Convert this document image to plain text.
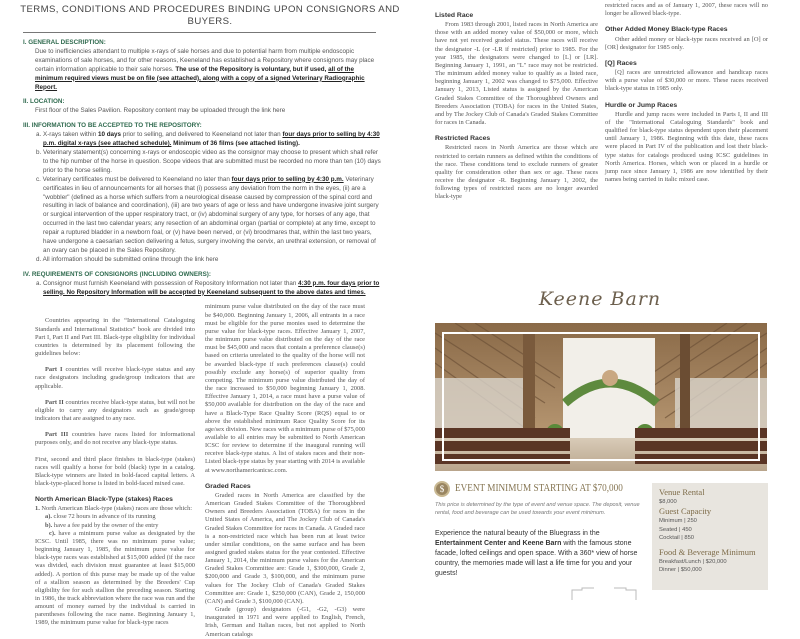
TERMS, CONDITIONS AND PROCEDURES BINDING UPON CONSIGNORS AND BUYERS.
I. GENERAL DESCRIPTION:
Due to inefficiencies attendant to multiple x-rays of sale horses and due to potential harm from multiple endoscopic examinations of sale horses, and for other reasons, Keeneland has established a Repository where consignors may place certain information applicable to their sale horses. The use of the Repository is voluntary, but if used, all of the minimum required views must be on file (see attached), along with a copy of a signed Veterinary Radiographic Report.
II. LOCATION:
First floor of the Sales Pavilion. Repository content may be uploaded through the link here
III. INFORMATION TO BE ACCEPTED TO THE REPOSITORY:
a. X-rays taken within 10 days prior to selling, and delivered to Keeneland not later than four days prior to selling by 4:30 p.m. digital x-rays (see attached schedule). Minimum of 36 films (see attached listing).
b. Veterinary statement(s) concerning x-rays or endoscopic video as the consignor may choose to present which shall refer to the hip number of the horse in question. Scope videos that are submitted must be recorded no more than ten (10) days prior to the horse selling.
c. Veterinary certificates must be delivered to Keeneland no later than four days prior to selling by 4:30 p.m. Veterinary certificates in lieu of announcements for all horses that (i) possess any deviation from the norm in the eyes, (ii) are a "wobbler" (defined as a horse which suffers from a neurological disease caused by compression of the spinal cord and resulting in lack of balance and coordination), (iii) are two years of age or less and have undergone invasive joint surgery or surgical intervention of the upper respiratory tract, or (iv) abdominal surgery of any type, for horses of any age, that occurred in the last two calendar years; any resection of an abdominal organ (partial or complete) at any time, except to repair a ruptured bladder in a newborn foal, or (v) have been nerved, or (vi) broodmares that, within the last two years, have undergone a caesarian section delivering a fetus, surgery involving the cervix, an urethral extension, or removal of an ovary can be placed in the Sales Repository.
d. All information should be submitted online through the link here
IV. REQUIREMENTS OF CONSIGNORS (INCLUDING OWNERS):
a. Consignor must furnish Keeneland with possession of Repository Information not later than 4:30 p.m. four days prior to selling. No Repository Information will be accepted by Keeneland subsequent to the above dates and times.

Countries appearing in the “International Cataloguing Standards and International Statistics” book are divided into Part I, Part II and Part III. Black-type eligibility for individual countries is determined by its placement following the guidelines below:

Part I countries will receive black-type status and any race designators including grade/group indicators that are applicable.

Part II countries receive black-type status, but will not be eligible to carry any designators such as grade/group indicators that are assigned to any race.

Part III countries have races listed for informational purposes only, and do not receive any black-type status.

First, second and third place finishes in black-type (stakes) races will qualify a horse for bold (black) type in a catalog. Black-type winners are listed in bold-faced capital letters. A black-type-placed horse is listed in bold-faced mixed case.

North American Black-Type (stakes) Races

1. North American Black-type (stakes) races are those which:

a). close 72 hours in advance of its running

b). have a fee paid by the owner of the entry

c). have a minimum purse value as designated by the ICSC. Until 1985, there was no minimum purse value; beginning January 1, 1985, the minimum purse value for black-type races was established at $15,000 added (if the race was divided, each division must guarantee at least $15,000 added). A portion of this purse may be made up of the value of a stallion season as determined by the Breeders' Cup eligibility fee for such stallion the preceding season. Starting in 1986, the track abbreviation where the race was run and the amount of money earned by the individual is carried in parentheses following the race name. Beginning January 1, 1989, the minimum purse value for black-type races

minimum purse value distributed on the day of the race must be $40,000. Beginning January 1, 2006, all entrants in a race must be eligible for the purse monies used to determine the purse value for black-type races. Effective January 1, 2007, the minimum purse value distributed on the day of the race must be $45,000 and races that contain a preference clause(s) based on criteria unrelated to the quality of the horse will not be awarded black-type if such preferences clause(s) could possibly exclude any horse(s) of superior quality from competing. The minimum purse value distributed the day of the race increased to $50,000 beginning January 1, 2008. Effective January 1, 2014, a race must have a purse value of $50,000 available for distribution on the day of the race and have a Black-Type Race Quality Score (RQS) equal to or above the established minimum Race Quality Score for its age/sex division. New races with a minimum purse of $75,000 available to all entries may be submitted to North American ICSC for review to determine if the inaugural running will receive black-type status. A list of stakes races and their non-Listed black-type status by year starting with 2014 is available at www.northamericanicsc.com.

Graded Races

Graded races in North America are classified by the American Graded Stakes Committee of the Thoroughbred Owners and Breeders Association (TOBA) for races in the United States of America, and The Jockey Club of Canada's Graded Stakes Committee for races in Canada. A Graded race is a non-restricted race which has been run at least twice under similar conditions, on the same surface and has been assigned graded stakes status for the year contested. Effective January 1, 2014, the minimum purse values for the American Graded Stakes Committee are: Grade 1, $300,000, Grade 2, $200,000 and Grade 3, $100,000, and the minimum purse values for The Jockey Club of Canada's Graded Stakes Committee are: Grade 1, $250,000 (CAN), Grade 2, 150,000 (CAN) and Grade 3, $100,000 (CAN).

Grade (group) designators (-G1, -G2, -G3) were inaugurated in 1971 and were applied to English, French, Irish, German and Italian races, but not applied to North American catalogs

Listed Race

From 1983 through 2001, listed races in North America are those with an added money value of $50,000 or more, which have not yet received graded status. These races will receive the designator -L (or -LR if restricted) prior to 1985. For the year 1985, the designators were changed to [L] or [LR]. Beginning January 1, 1991, an "L" race may not be restricted. The minimum added money value to qualify as a listed race, beginning January 1, 2002 was changed to $75,000. Effective January 1, 2013, Listed status is assigned by the American Graded Stakes Committee of the Thoroughbred Owners and Breeders Association (TOBA) for races in the United States, and by The Jockey Club of Canada's Graded Stakes Committee for races in Canada.

Restricted Races

Restricted races in North America are those which are restricted to certain runners as defined within the conditions of the race. These conditions tend to exclude runners of greater quality for consideration other than sex or age. These races receive the designator -R. Beginning January 1, 2002, the following types of restricted races are no longer awarded black-type

restricted races and as of January 1, 2007, these races will no longer be allowed black-type.

Other Added Money Black-type Races

Other added money or black-type races received an [O] or [OR] designator for 1985 only.

[Q] Races

[Q] races are unrestricted allowance and handicap races with a purse value of $30,000 or more. These races received black-type status in 1985 only.

Hurdle or Jump Races

Hurdle and jump races were included in Parts I, II and III of the "International Cataloguing Standards" book and qualified for black-type status dependent upon their placement until January 1, 1986. Beginning with this date, these races were placed in Part IV of the publication and lost their black-type status for catalogs produced using ICSC guidelines in North America. Horses, which won or placed in a hurdle or jump race since January 1, 1986 are now identified by their names being carried in italic mixed case.

Keene Barn
$	EVENT MINIMUM STARTING AT $70,000
This price is determined by the type of event and venue space. The deposit, venue rental, food and beverage can be used towards your event minimum.
Experience the natural beauty of the Bluegrass in the Entertainment Center and Keene Barn with the famous stone facade, lofted ceilings and open space. With a 360* view of horse country, the memories made will last a life time for you and your guests!
Venue Rental
$8,000
Guest Capacity
Minimum | 250
Seated | 450
Cocktail | 850
Food & Beverage Minimum
Breakfast/Lunch | $20,000
Dinner | $50,000
